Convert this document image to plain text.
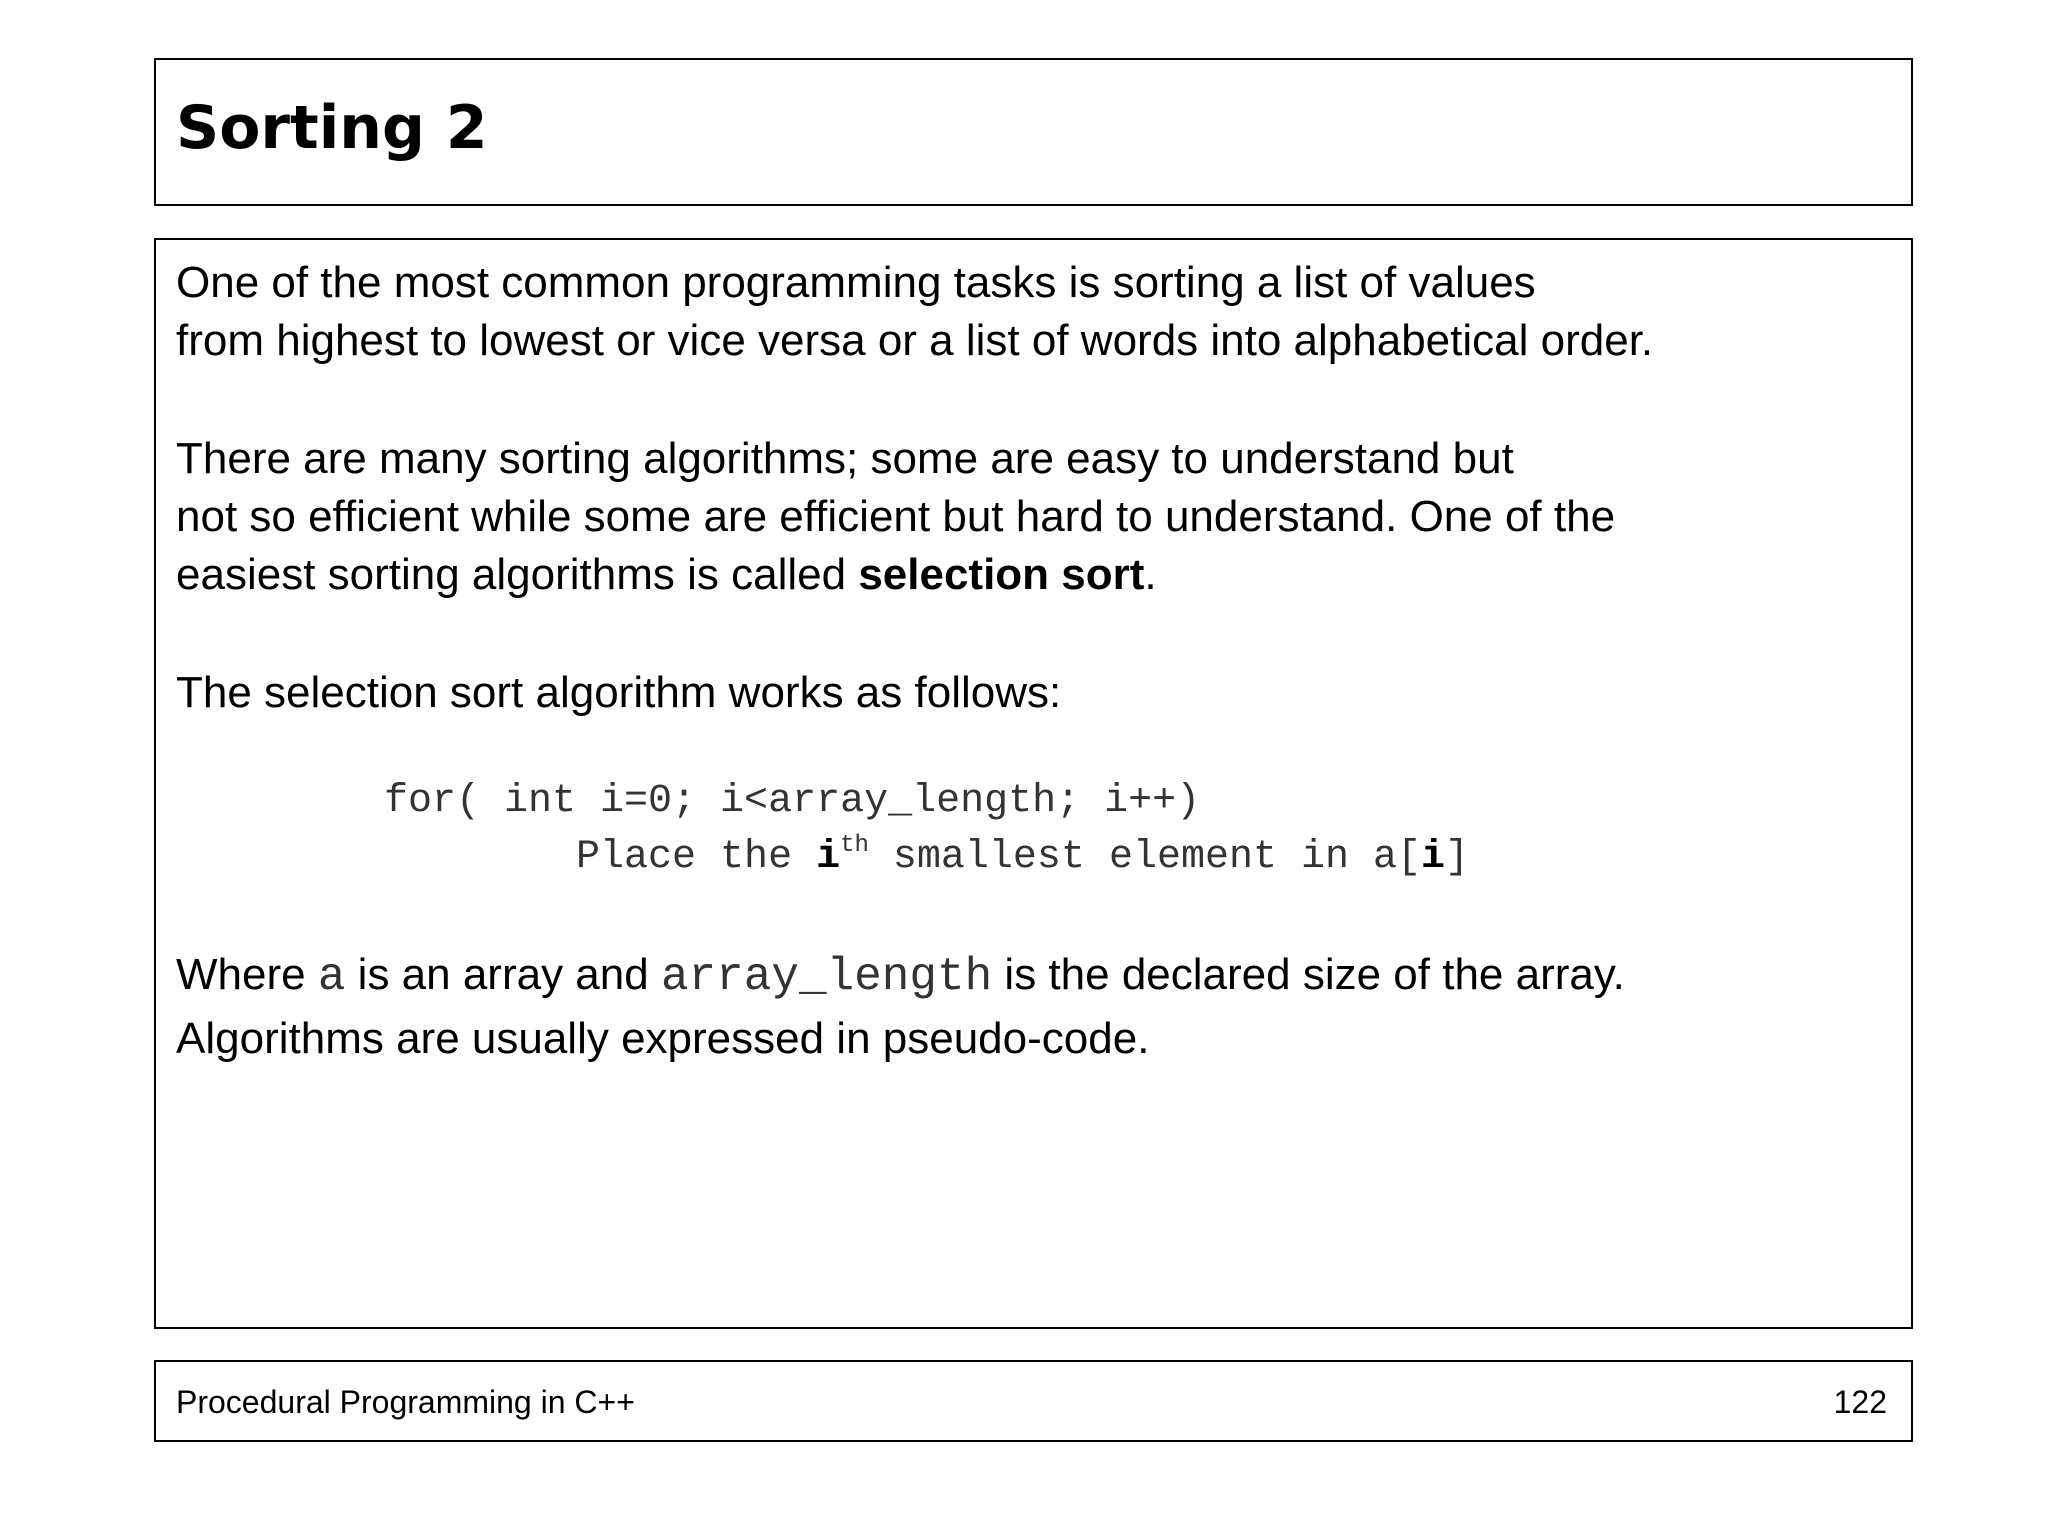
Sorting 2
One of the most common programming tasks is sorting a list of values
from highest to lowest or vice versa or a list of words into alphabetical order.
There are many sorting algorithms; some are easy to understand but
not so efficient while some are efficient but hard to understand. One of the
easiest sorting algorithms is called selection sort.
The selection sort algorithm works as follows:
for( int i=0; i<array_length; i++)
Place the $i^{th}$ smallest element in a[i]
Where a is an array and array_length is the declared size of the array.
Algorithms are usually expressed in pseudo-code.
Procedural Programming in C++	122
